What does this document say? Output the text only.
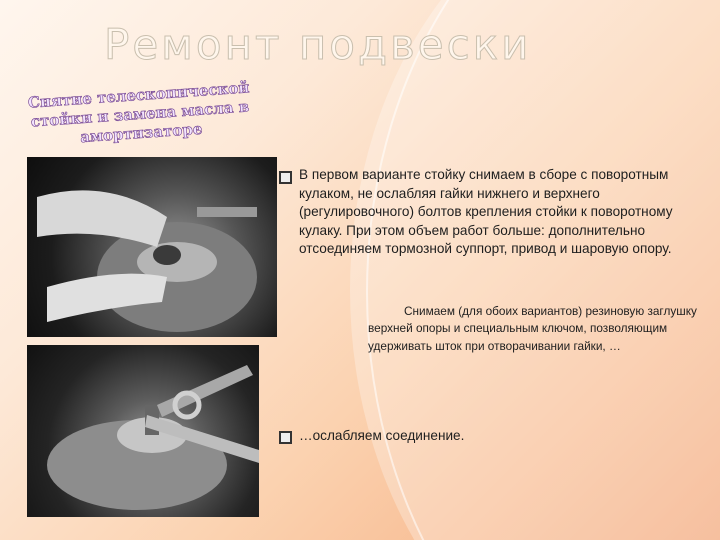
Ремонт подвески
Снятие телескопической стойки и замена масла в амортизаторе
В первом варианте стойку снимаем в сборе с поворотным кулаком, не ослабляя гайки нижнего и верхнего (регулировочного) болтов крепления стойки к поворотному кулаку. При этом объем работ больше: дополнительно отсоединяем тормозной суппорт, привод и шаровую опору.
Снимаем (для обоих вариантов) резиновую заглушку верхней опоры и специальным ключом, позволяющим удерживать шток при отворачивании гайки, …
…ослабляем соединение.
